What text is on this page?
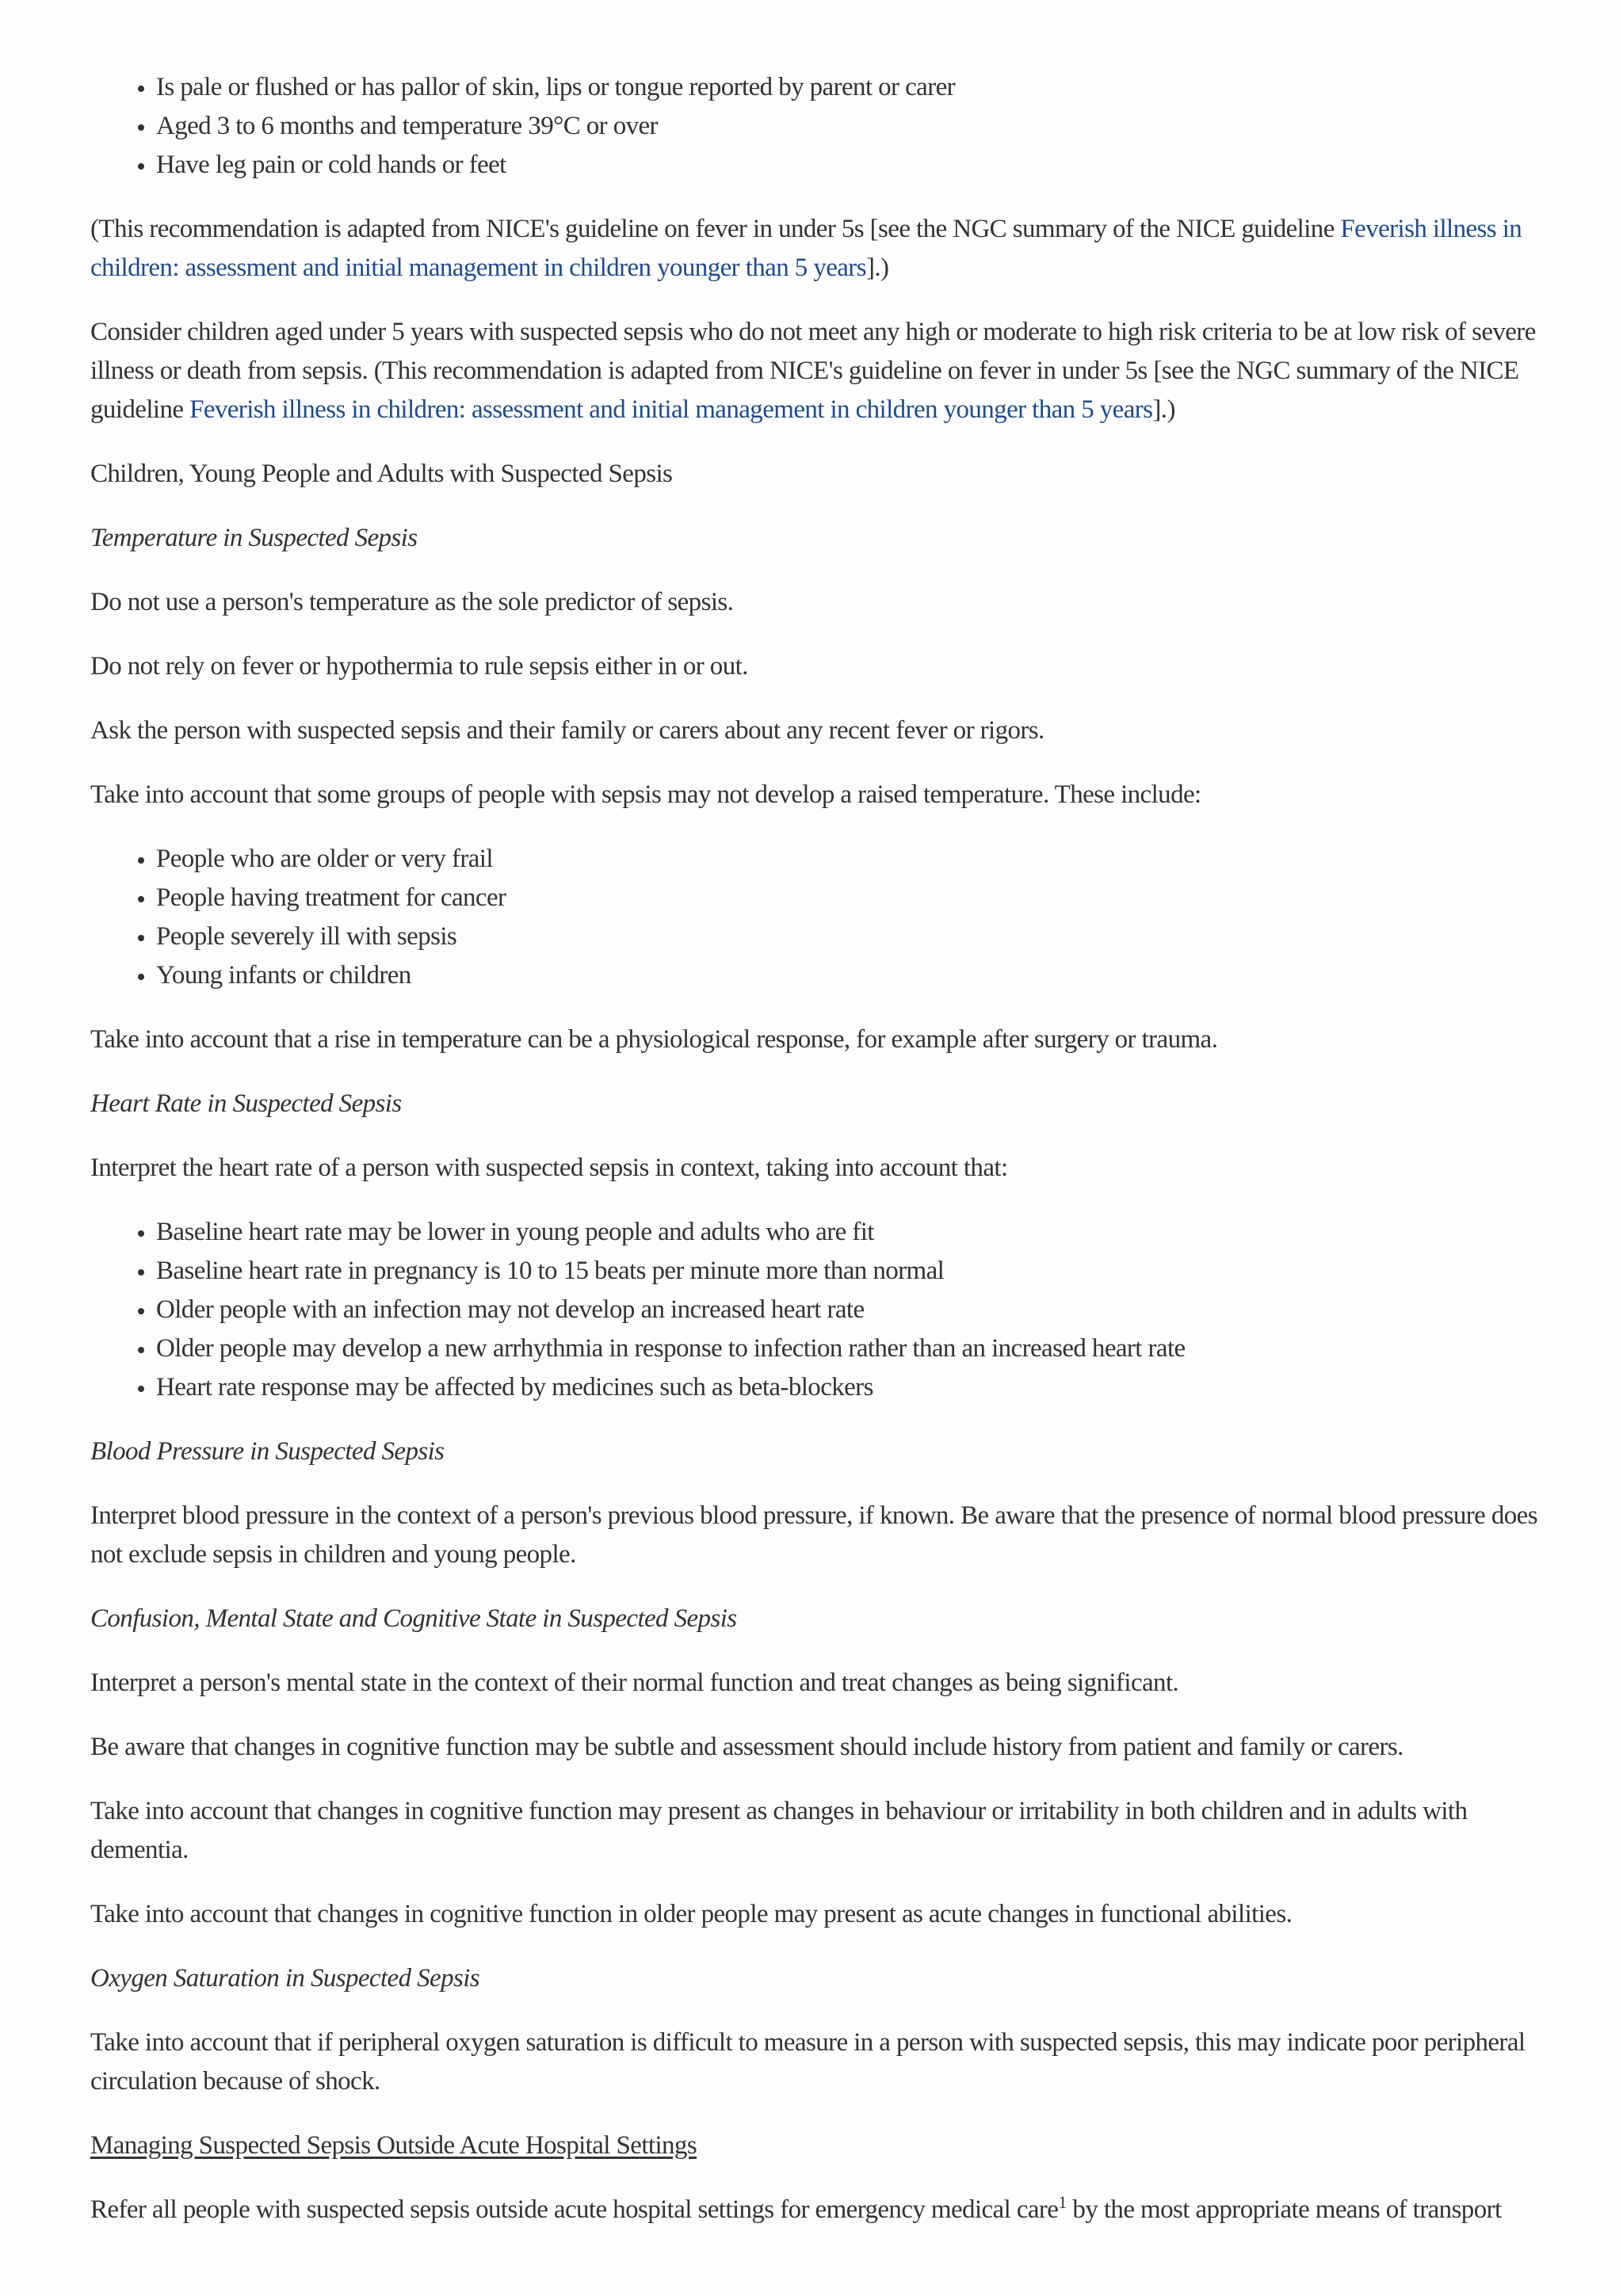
• Is pale or flushed or has pallor of skin, lips or tongue reported by parent or carer
• Aged 3 to 6 months and temperature 39°C or over
• Have leg pain or cold hands or feet

(This recommendation is adapted from NICE's guideline on fever in under 5s [see the NGC summary of the NICE guideline Feverish illness in children: assessment and initial management in children younger than 5 years].)

Consider children aged under 5 years with suspected sepsis who do not meet any high or moderate to high risk criteria to be at low risk of severe illness or death from sepsis. (This recommendation is adapted from NICE's guideline on fever in under 5s [see the NGC summary of the NICE guideline Feverish illness in children: assessment and initial management in children younger than 5 years].)

Children, Young People and Adults with Suspected Sepsis

Temperature in Suspected Sepsis

Do not use a person's temperature as the sole predictor of sepsis.

Do not rely on fever or hypothermia to rule sepsis either in or out.

Ask the person with suspected sepsis and their family or carers about any recent fever or rigors.

Take into account that some groups of people with sepsis may not develop a raised temperature. These include:

• People who are older or very frail
• People having treatment for cancer
• People severely ill with sepsis
• Young infants or children

Take into account that a rise in temperature can be a physiological response, for example after surgery or trauma.

Heart Rate in Suspected Sepsis

Interpret the heart rate of a person with suspected sepsis in context, taking into account that:

• Baseline heart rate may be lower in young people and adults who are fit
• Baseline heart rate in pregnancy is 10 to 15 beats per minute more than normal
• Older people with an infection may not develop an increased heart rate
• Older people may develop a new arrhythmia in response to infection rather than an increased heart rate
• Heart rate response may be affected by medicines such as beta-blockers

Blood Pressure in Suspected Sepsis

Interpret blood pressure in the context of a person's previous blood pressure, if known. Be aware that the presence of normal blood pressure does not exclude sepsis in children and young people.

Confusion, Mental State and Cognitive State in Suspected Sepsis

Interpret a person's mental state in the context of their normal function and treat changes as being significant.

Be aware that changes in cognitive function may be subtle and assessment should include history from patient and family or carers.

Take into account that changes in cognitive function may present as changes in behaviour or irritability in both children and in adults with dementia.

Take into account that changes in cognitive function in older people may present as acute changes in functional abilities.

Oxygen Saturation in Suspected Sepsis

Take into account that if peripheral oxygen saturation is difficult to measure in a person with suspected sepsis, this may indicate poor peripheral circulation because of shock.

Managing Suspected Sepsis Outside Acute Hospital Settings

Refer all people with suspected sepsis outside acute hospital settings for emergency medical care$^1$ by the most appropriate means of transport
